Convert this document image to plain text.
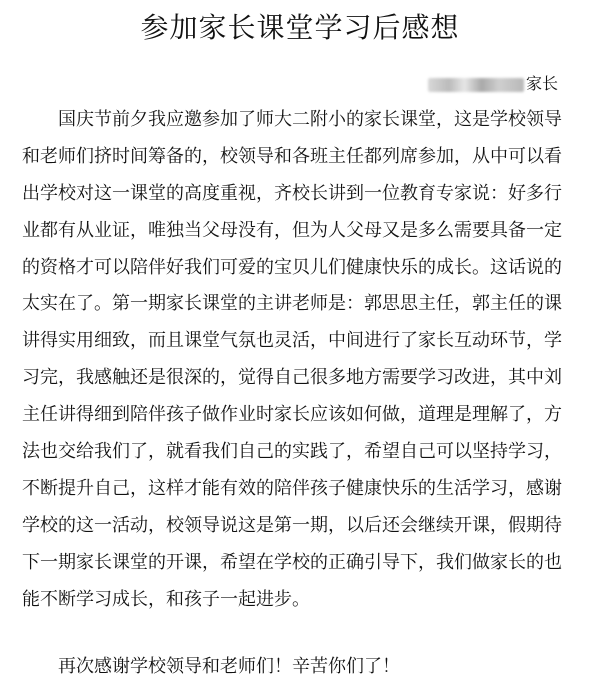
参加家长课堂学习后感想
家长
国庆节前夕我应邀参加了师大二附小的家长课堂，这是学校领导
和老师们挤时间筹备的，校领导和各班主任都列席参加，从中可以看
出学校对这一课堂的高度重视，齐校长讲到一位教育专家说：好多行
业都有从业证，唯独当父母没有，但为人父母又是多么需要具备一定
的资格才可以陪伴好我们可爱的宝贝儿们健康快乐的成长。这话说的
太实在了。第一期家长课堂的主讲老师是：郭思思主任，郭主任的课
讲得实用细致，而且课堂气氛也灵活，中间进行了家长互动环节，学
习完，我感触还是很深的，觉得自己很多地方需要学习改进，其中刘
主任讲得细到陪伴孩子做作业时家长应该如何做，道理是理解了，方
法也交给我们了，就看我们自己的实践了，希望自己可以坚持学习，
不断提升自己，这样才能有效的陪伴孩子健康快乐的生活学习，感谢
学校的这一活动，校领导说这是第一期，以后还会继续开课，假期待
下一期家长课堂的开课，希望在学校的正确引导下，我们做家长的也
能不断学习成长，和孩子一起进步。
再次感谢学校领导和老师们！辛苦你们了！
